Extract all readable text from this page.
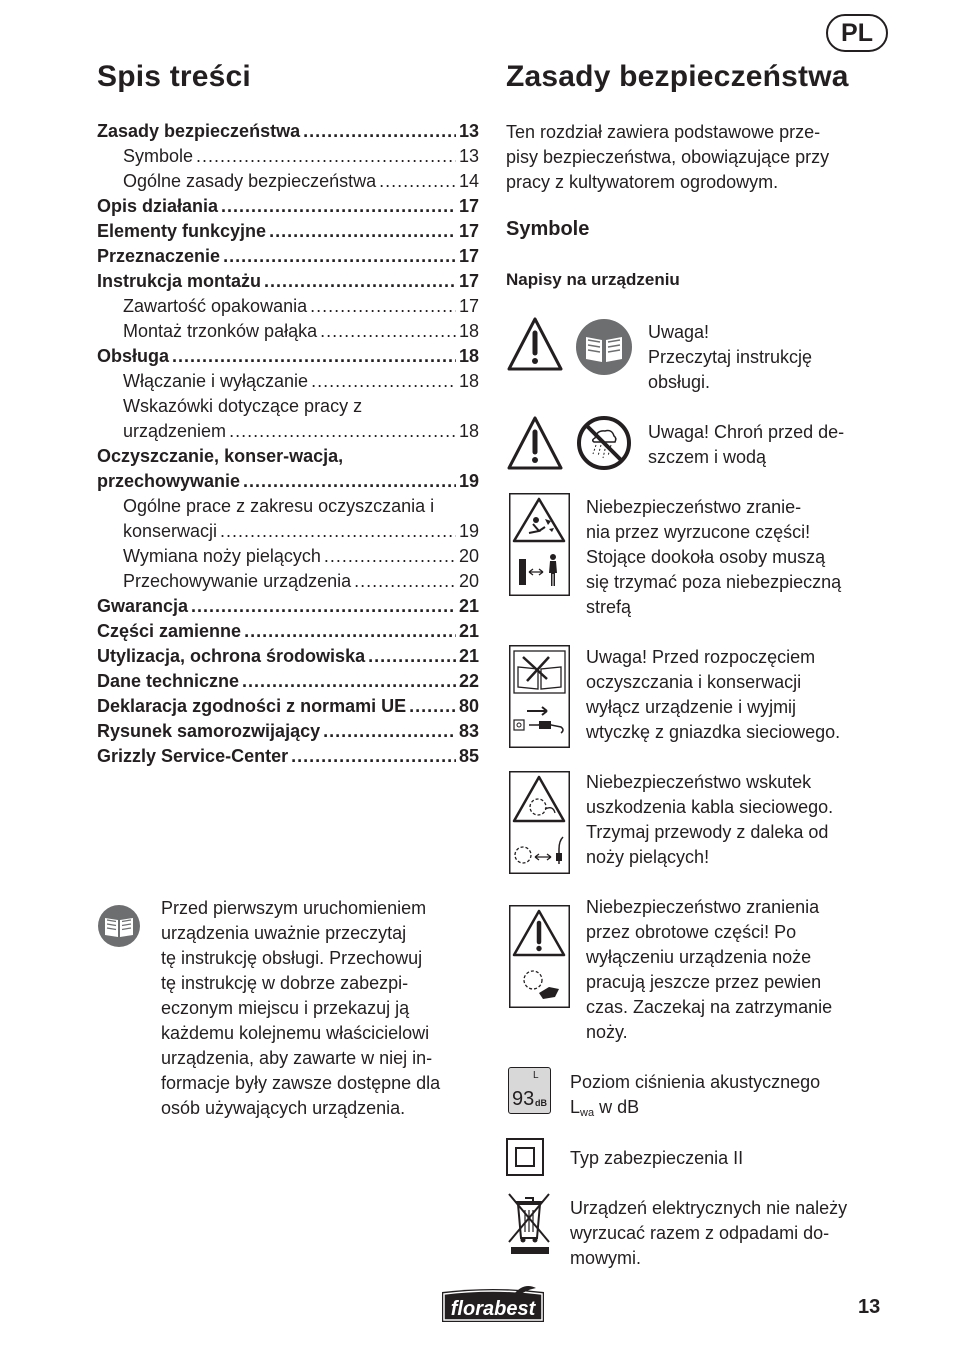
PL
Spis treści	Zasady bezpieczeństwa
Zasady bezpieczeństwa .....	13
Symbole .....	13
Ogólne zasady bezpieczeństwa .....	14
Opis działania .....	17
Elementy funkcyjne .....	17
Przeznaczenie .....	17
Instrukcja montażu .....	17
Zawartość opakowania .....	17
Montaż trzonków pałąka .....	18
Obsługa .....	18
Włączanie i wyłączanie .....	18
Wskazówki dotyczące pracy z
urządzeniem .....	18
Oczyszczanie, konser-wacja,
przechowywanie .....	19
Ogólne prace z zakresu oczyszczania i
konserwacji .....	19
Wymiana noży pielących .....	20
Przechowywanie urządzenia .....	20
Gwarancja .....	21
Części zamienne .....	21
Utylizacja, ochrona środowiska .....	21
Dane techniczne .....	22
Deklaracja zgodności z normami UE .....	80
Rysunek samorozwijający .....	83
Grizzly Service-Center .....	85
Przed pierwszym uruchomieniem
urządzenia uważnie przeczytaj
tę instrukcję obsługi. Przechowuj
tę instrukcję w dobrze zabezpi-
eczonym miejscu i przekazuj ją
każdemu kolejnemu właścicielowi
urządzenia, aby zawarte w niej in-
formacje były zawsze dostępne dla
osób używających urządzenia.
Ten rozdział zawiera podstawowe prze-
pisy bezpieczeństwa, obowiązujące przy
pracy z kultywatorem ogrodowym.
Symbole
Napisy na urządzeniu
Uwaga!
Przeczytaj instrukcję
obsługi.
Uwaga! Chroń przed de-
szczem i wodą
Niebezpieczeństwo zranie-
nia przez wyrzucone części!
Stojące dookoła osoby muszą
się trzymać poza niebezpieczną
strefą
Uwaga! Przed rozpoczęciem
oczyszczania i konserwacji
wyłącz urządzenie i wyjmij
wtyczkę z gniazdka sieciowego.
Niebezpieczeństwo wskutek
uszkodzenia kabla sieciowego.
Trzymaj przewody z daleka od
noży pielących!
Niebezpieczeństwo zranienia
przez obrotowe części! Po
wyłączeniu urządzenia noże
pracują jeszcze przez pewien
czas. Zaczekaj na zatrzymanie
noży.
L
93 dB
Poziom ciśnienia akustycznego
$L_{wa}$ w dB
Typ zabezpieczenia II
Urządzeń elektrycznych nie należy
wyrzucać razem z odpadami do-
mowymi.
florabest	13
